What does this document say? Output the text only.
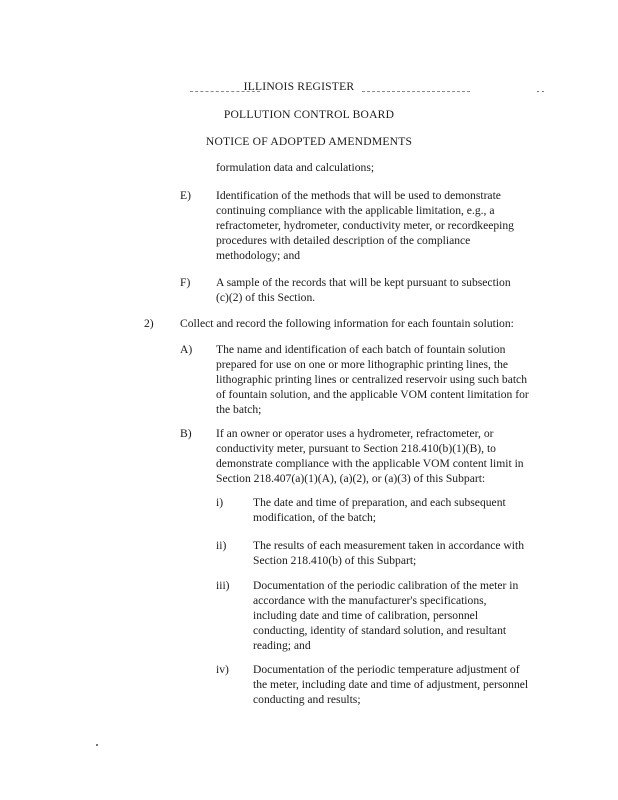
ILLINOIS REGISTER
POLLUTION CONTROL BOARD
NOTICE OF ADOPTED AMENDMENTS
formulation data and calculations;
E) Identification of the methods that will be used to demonstrate
continuing compliance with the applicable limitation, e.g., a
refractometer, hydrometer, conductivity meter, or recordkeeping
procedures with detailed description of the compliance
methodology; and
F) A sample of the records that will be kept pursuant to subsection
(c)(2) of this Section.
2) Collect and record the following information for each fountain solution:
A) The name and identification of each batch of fountain solution
prepared for use on one or more lithographic printing lines, the
lithographic printing lines or centralized reservoir using such batch
of fountain solution, and the applicable VOM content limitation for
the batch;
B) If an owner or operator uses a hydrometer, refractometer, or
conductivity meter, pursuant to Section 218.410(b)(1)(B), to
demonstrate compliance with the applicable VOM content limit in
Section 218.407(a)(1)(A), (a)(2), or (a)(3) of this Subpart:
i)	The date and time of preparation, and each subsequent
modification, of the batch;
ii) The results of each measurement taken in accordance with
Section 218.410(b) of this Subpart;
iii) Documentation of the periodic calibration of the meter in
accordance with the manufacturer's specifications,
including date and time of calibration, personnel
conducting, identity of standard solution, and resultant
reading; and
iv) Documentation of the periodic temperature adjustment of
the meter, including date and time of adjustment, personnel
conducting and results;
